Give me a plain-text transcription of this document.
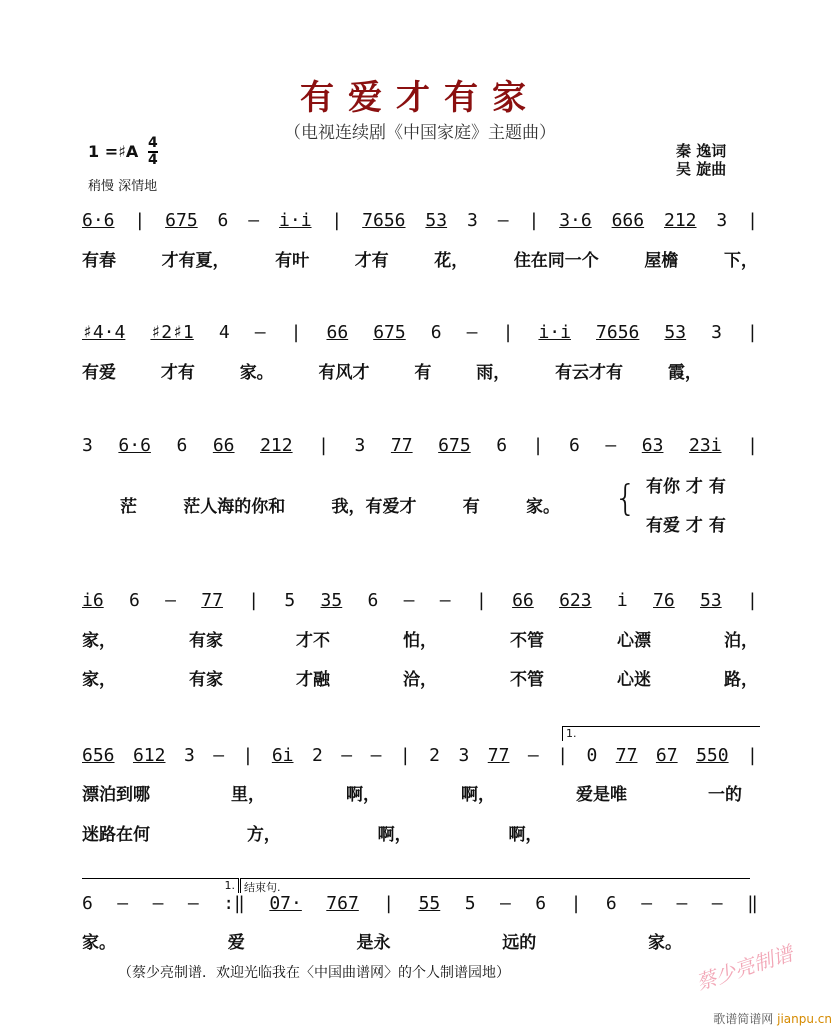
有爱才有家
（电视连续剧《中国家庭》主题曲）
1 =♯A 4
4
稍慢 深情地
秦 逸词
吴 旋曲
1.
1. 结束句.
{ 有你 才 有
有爱 才 有
6·6 | 675 6 – i·i | 7656 53 3 – | 3·6 666 212 3 |
有春	才有夏，	有叶	才有	花，	住在同一个	屋檐	下，
♯4·4 ♯2♯1 4 – | 66 675 6 – | i·i 7656 53 3 |
有爱	才有	家。	有风才	有	雨，	有云才有	霞，
3 6·6 6 66 212 | 3 77 675 6 | 6 – 63 23i |
茫	茫人海的你和	我，有爱才	有	家。
i6 6 – 77 | 5 35 6 – – | 66 623 i 76 53 |
家，	有家	才不	怕，	不管	心漂	泊，
家，	有家	才融	洽，	不管	心迷	路，
656 612 3 – | 6i 2 – – | 2 3 77 – | 0 77 67 550 |
漂泊到哪	里，	啊，	啊，	爱是唯	一的
迷路在何	方，	啊，	啊，

6 – – – :‖ 07· 767 | 55 5 – 6 | 6 – – – ‖
家。	爱	是永	远的	家。 蔡少亮制谱
（蔡少亮制谱．欢迎光临我在〈中国曲谱网〉的个人制谱园地）
歌谱简谱网 jianpu.cn
